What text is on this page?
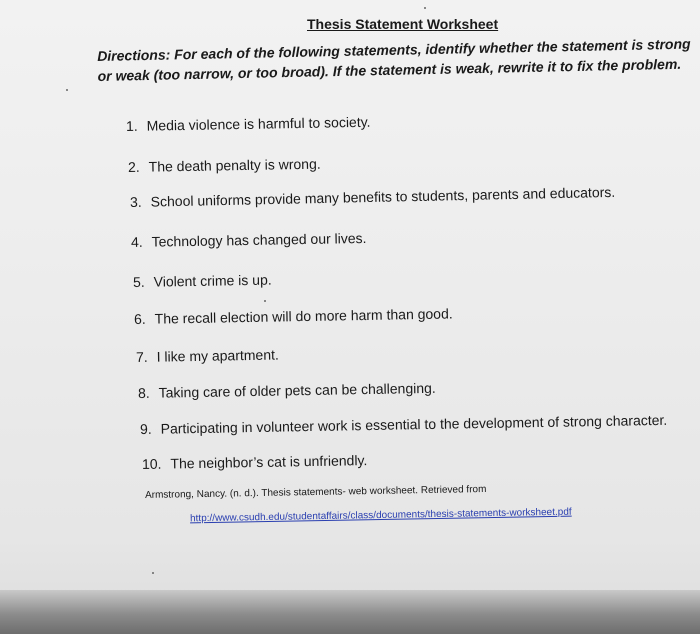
Thesis Statement Worksheet
Directions: For each of the following statements, identify whether the statement is strong or weak (too narrow, or too broad). If the statement is weak, rewrite it to fix the problem.
1. Media violence is harmful to society.
2. The death penalty is wrong.
3. School uniforms provide many benefits to students, parents and educators.
4. Technology has changed our lives.
5. Violent crime is up.
6. The recall election will do more harm than good.
7. I like my apartment.
8. Taking care of older pets can be challenging.
9. Participating in volunteer work is essential to the development of strong character.
10. The neighbor’s cat is unfriendly.
Armstrong, Nancy. (n. d.). Thesis statements- web worksheet. Retrieved from
http://www.csudh.edu/studentaffairs/class/documents/thesis-statements-worksheet.pdf
